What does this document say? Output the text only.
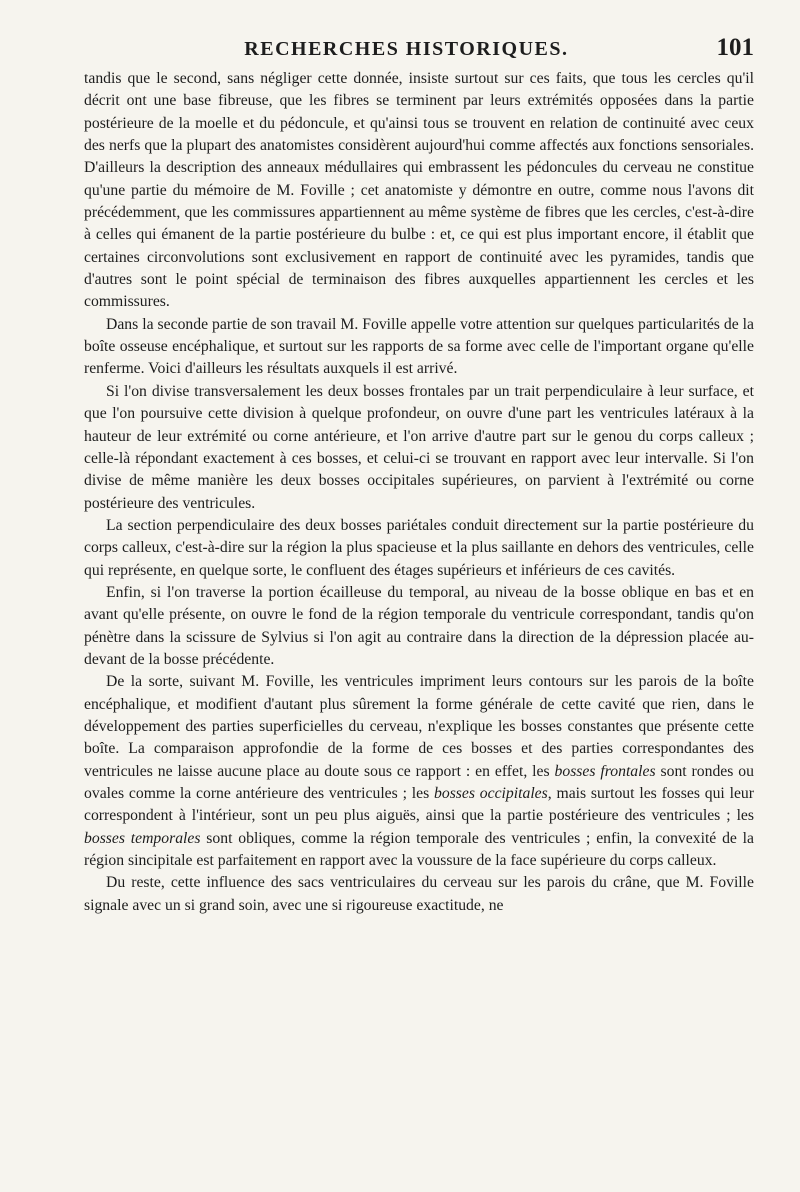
RECHERCHES HISTORIQUES.	101

tandis que le second, sans négliger cette donnée, insiste surtout sur ces faits, que tous les cercles qu'il décrit ont une base fibreuse, que les fibres se terminent par leurs extrémités opposées dans la partie postérieure de la moelle et du pédoncule, et qu'ainsi tous se trouvent en relation de continuité avec ceux des nerfs que la plupart des anatomistes considèrent aujourd'hui comme affectés aux fonctions sensoriales. D'ailleurs la description des anneaux médullaires qui embrassent les pédoncules du cerveau ne constitue qu'une partie du mémoire de M. Foville ; cet anatomiste y démontre en outre, comme nous l'avons dit précédemment, que les commissures appartiennent au même système de fibres que les cercles, c'est-à-dire à celles qui émanent de la partie postérieure du bulbe : et, ce qui est plus important encore, il établit que certaines circonvolutions sont exclusivement en rapport de continuité avec les pyramides, tandis que d'autres sont le point spécial de terminaison des fibres auxquelles appartiennent les cercles et les commissures.

Dans la seconde partie de son travail M. Foville appelle votre attention sur quelques particularités de la boîte osseuse encéphalique, et surtout sur les rapports de sa forme avec celle de l'important organe qu'elle renferme. Voici d'ailleurs les résultats auxquels il est arrivé.

Si l'on divise transversalement les deux bosses frontales par un trait perpendiculaire à leur surface, et que l'on poursuive cette division à quelque profondeur, on ouvre d'une part les ventricules latéraux à la hauteur de leur extrémité ou corne antérieure, et l'on arrive d'autre part sur le genou du corps calleux ; celle-là répondant exactement à ces bosses, et celui-ci se trouvant en rapport avec leur intervalle. Si l'on divise de même manière les deux bosses occipitales supérieures, on parvient à l'extrémité ou corne postérieure des ventricules.

La section perpendiculaire des deux bosses pariétales conduit directement sur la partie postérieure du corps calleux, c'est-à-dire sur la région la plus spacieuse et la plus saillante en dehors des ventricules, celle qui représente, en quelque sorte, le confluent des étages supérieurs et inférieurs de ces cavités.

Enfin, si l'on traverse la portion écailleuse du temporal, au niveau de la bosse oblique en bas et en avant qu'elle présente, on ouvre le fond de la région temporale du ventricule correspondant, tandis qu'on pénètre dans la scissure de Sylvius si l'on agit au contraire dans la direction de la dépression placée au-devant de la bosse précédente.

De la sorte, suivant M. Foville, les ventricules impriment leurs contours sur les parois de la boîte encéphalique, et modifient d'autant plus sûrement la forme générale de cette cavité que rien, dans le développement des parties superficielles du cerveau, n'explique les bosses constantes que présente cette boîte. La comparaison approfondie de la forme de ces bosses et des parties correspondantes des ventricules ne laisse aucune place au doute sous ce rapport : en effet, les bosses frontales sont rondes ou ovales comme la corne antérieure des ventricules ; les bosses occipitales, mais surtout les fosses qui leur correspondent à l'intérieur, sont un peu plus aiguës, ainsi que la partie postérieure des ventricules ; les bosses temporales sont obliques, comme la région temporale des ventricules ; enfin, la convexité de la région sincipitale est parfaitement en rapport avec la voussure de la face supérieure du corps calleux.

Du reste, cette influence des sacs ventriculaires du cerveau sur les parois du crâne, que M. Foville signale avec un si grand soin, avec une si rigoureuse exactitude, ne
